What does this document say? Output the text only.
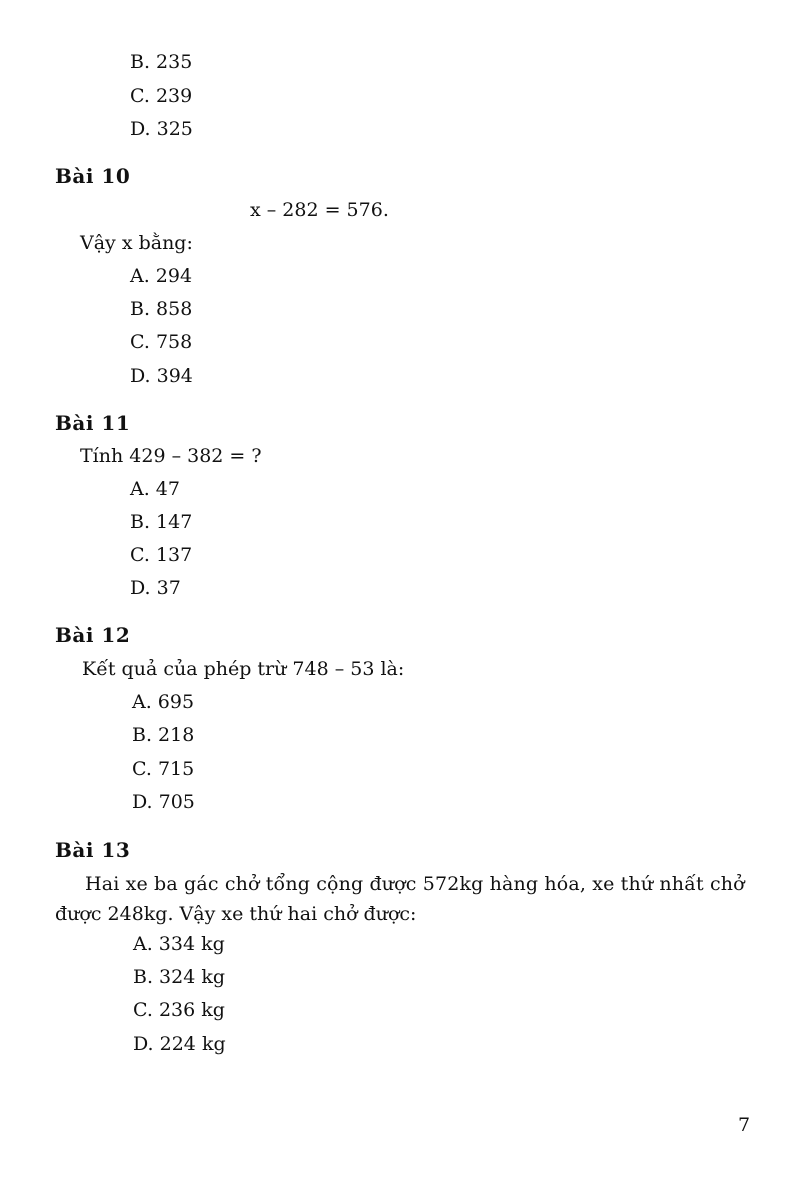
B. 235
C. 239
D. 325
Bài 10
x – 282 = 576.
Vậy x bằng:
A. 294
B. 858
C. 758
D. 394
Bài 11
Tính 429 – 382 = ?
A. 47
B. 147
C. 137
D. 37
Bài 12
Kết quả của phép trừ 748 – 53 là:
A. 695
B. 218
C. 715
D. 705
Bài 13
Hai xe ba gác chở tổng cộng được 572kg hàng hóa, xe thứ nhất chở
được 248kg. Vậy xe thứ hai chở được:
A. 334 kg
B. 324 kg
C. 236 kg
D. 224 kg
7
